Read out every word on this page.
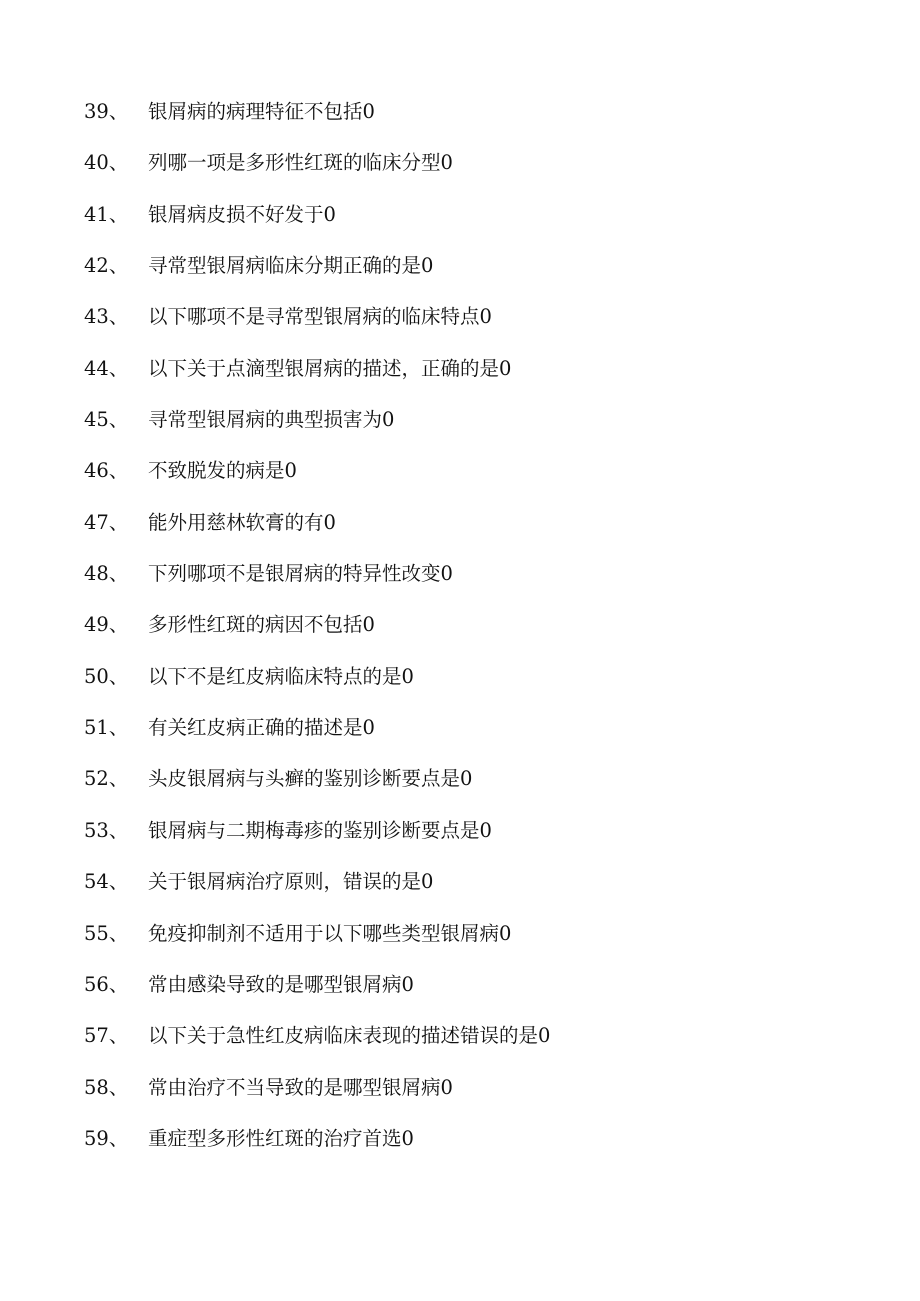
39、	银屑病的病理特征不包括0
40、	列哪一项是多形性红斑的临床分型0
41、	银屑病皮损不好发于0
42、	寻常型银屑病临床分期正确的是0
43、	以下哪项不是寻常型银屑病的临床特点0
44、	以下关于点滴型银屑病的描述，正确的是0
45、	寻常型银屑病的典型损害为0
46、	不致脱发的病是0
47、	能外用慈林软膏的有0
48、	下列哪项不是银屑病的特异性改变0
49、	多形性红斑的病因不包括0
50、	以下不是红皮病临床特点的是0
51、	有关红皮病正确的描述是0
52、	头皮银屑病与头癣的鉴别诊断要点是0
53、	银屑病与二期梅毒疹的鉴别诊断要点是0
54、	关于银屑病治疗原则，错误的是0
55、	免疫抑制剂不适用于以下哪些类型银屑病0
56、	常由感染导致的是哪型银屑病0
57、	以下关于急性红皮病临床表现的描述错误的是0
58、	常由治疗不当导致的是哪型银屑病0
59、	重症型多形性红斑的治疗首选0
